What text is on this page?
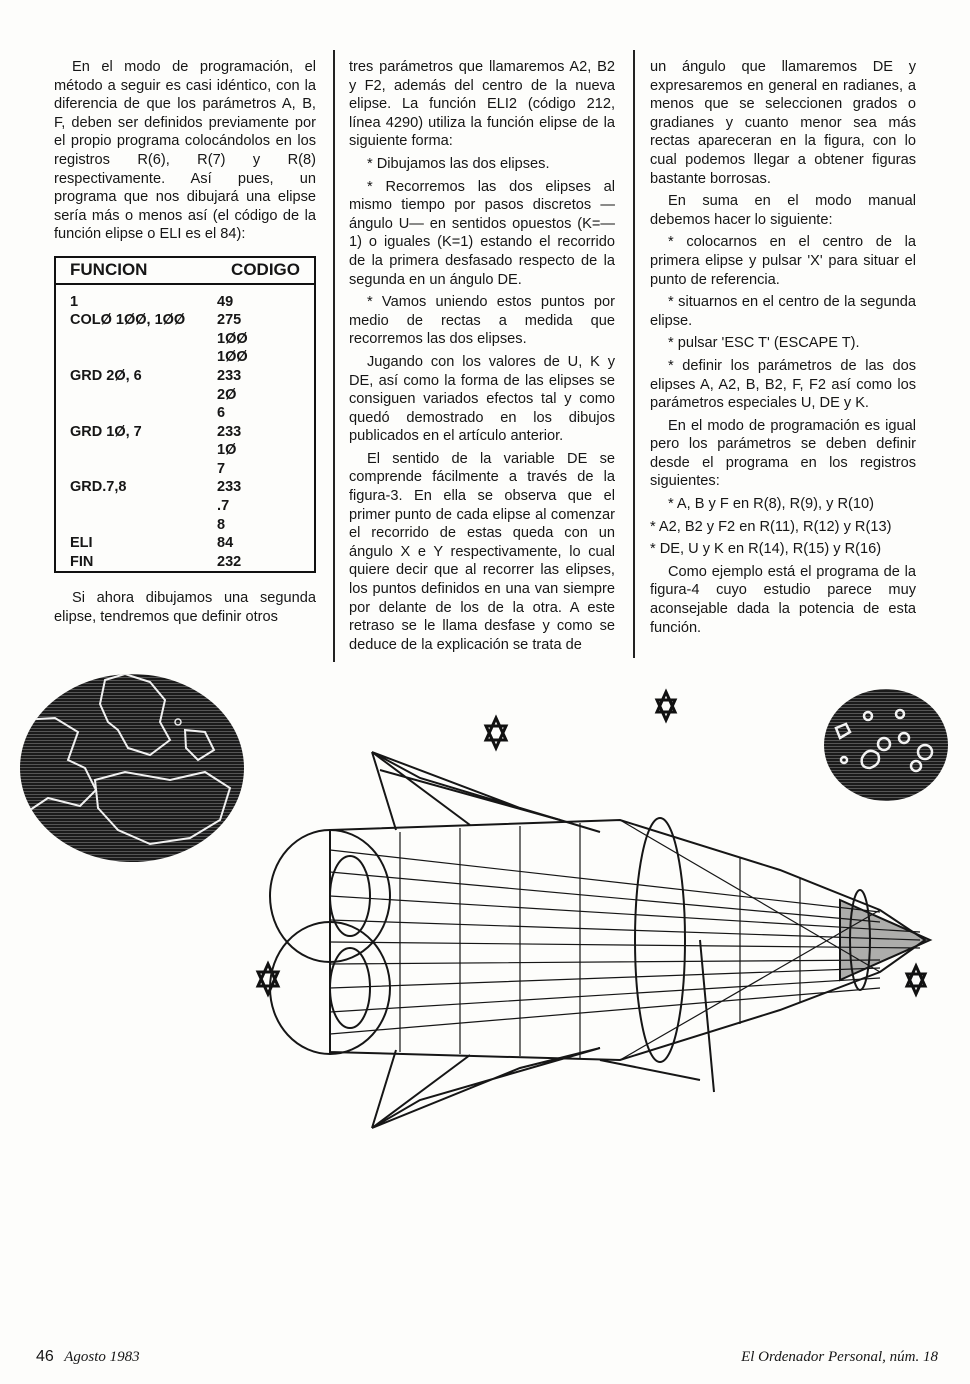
En el modo de programación, el método a seguir es casi idéntico, con la diferencia de que los parámetros A, B, F, deben ser definidos previamente por el propio programa colocándolos en los registros R(6), R(7) y R(8) respectivamente. Así pues, un programa que nos dibujará una elipse sería más o menos así (el código de la función elipse o ELI es el 84):

FUNCION	CODIGO

1	49
COLØ 1ØØ, 1ØØ	275
	1ØØ
	1ØØ
GRD 2Ø, 6	233
	2Ø
	6
GRD 1Ø, 7	233
	1Ø
	7
GRD.7,8	233
	.7
	8
ELI	84
FIN	232

Si ahora dibujamos una segunda elipse, tendremos que definir otros

tres parámetros que llamaremos A2, B2 y F2, además del centro de la nueva elipse. La función ELI2 (código 212, línea 4290) utiliza la función elipse de la siguiente forma:

* Dibujamos las dos elipses.

* Recorremos las dos elipses al mismo tiempo por pasos discretos —ángulo U— en sentidos opuestos (K=—1) o iguales (K=1) estando el recorrido de la primera desfasado respecto de la segunda en un ángulo DE.

* Vamos uniendo estos puntos por medio de rectas a medida que recorremos las dos elipses.

Jugando con los valores de U, K y DE, así como la forma de las elipses se consiguen variados efectos tal y como quedó demostrado en los dibujos publicados en el artículo anterior.

El sentido de la variable DE se comprende fácilmente a través de la figura-3. En ella se observa que el primer punto de cada elipse al comenzar el recorrido de estas queda con un ángulo X e Y respectivamente, lo cual quiere decir que al recorrer las elipses, los puntos definidos en una van siempre por delante de los de la otra. A este retraso se le llama desfase y como se deduce de la explicación se trata de

un ángulo que llamaremos DE y expresaremos en general en radianes, a menos que se seleccionen grados o gradianes y cuanto menor sea más rectas apareceran en la figura, con lo cual podemos llegar a obtener figuras bastante borrosas.

En suma en el modo manual debemos hacer lo siguiente:

* colocarnos en el centro de la primera elipse y pulsar 'X' para situar el punto de referencia.

* situarnos en el centro de la segunda elipse.

* pulsar 'ESC T' (ESCAPE T).

* definir los parámetros de las dos elipses A, A2, B, B2, F, F2 así como los parámetros especiales U, DE y K.

En el modo de programación es igual pero los parámetros se deben definir desde el programa en los registros siguientes:

* A, B y F en R(8), R(9), y R(10)

* A2, B2 y F2 en R(11), R(12) y R(13)

* DE, U y K en R(14), R(15) y R(16)

Como ejemplo está el programa de la figura-4 cuyo estudio parece muy aconsejable dada la potencia de esta función.

46 Agosto 1983	El Ordenador Personal, núm. 18
